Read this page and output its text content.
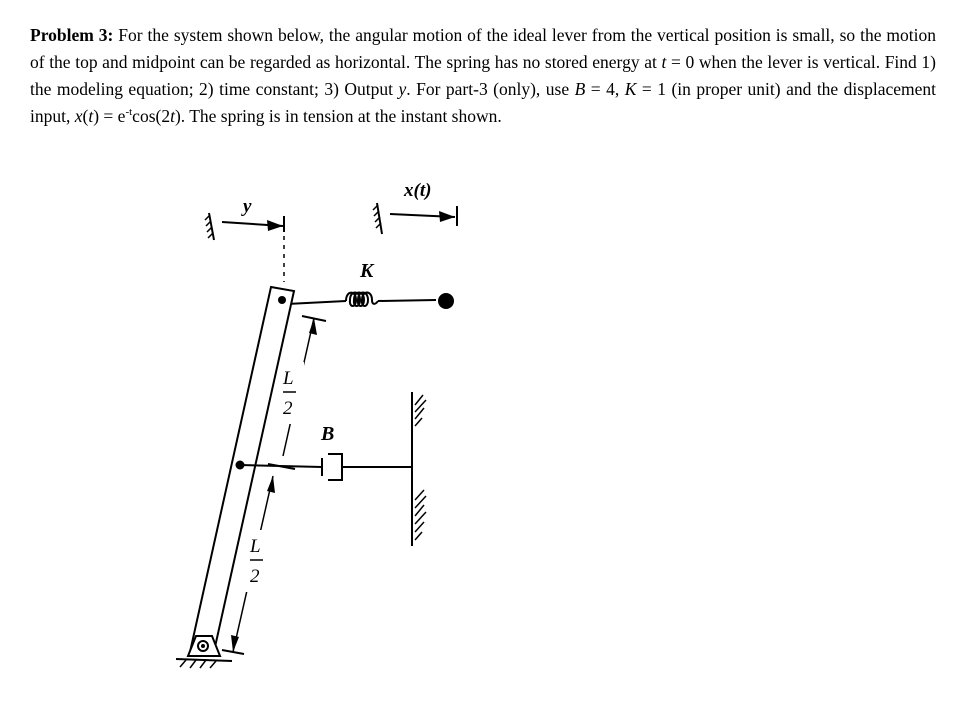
Problem 3: For the system shown below, the angular motion of the ideal lever from the vertical position is small, so the motion of the top and midpoint can be regarded as horizontal. The spring has no stored energy at t = 0 when the lever is vertical. Find 1) the modeling equation; 2) time constant; 3) Output y. For part-3 (only), use B = 4, K = 1 (in proper unit) and the displacement input, $x(t) = e^{-t}\cos(2t)$. The spring is in tension at the instant shown.
y
x(t)
K
L
2
B
L
2
